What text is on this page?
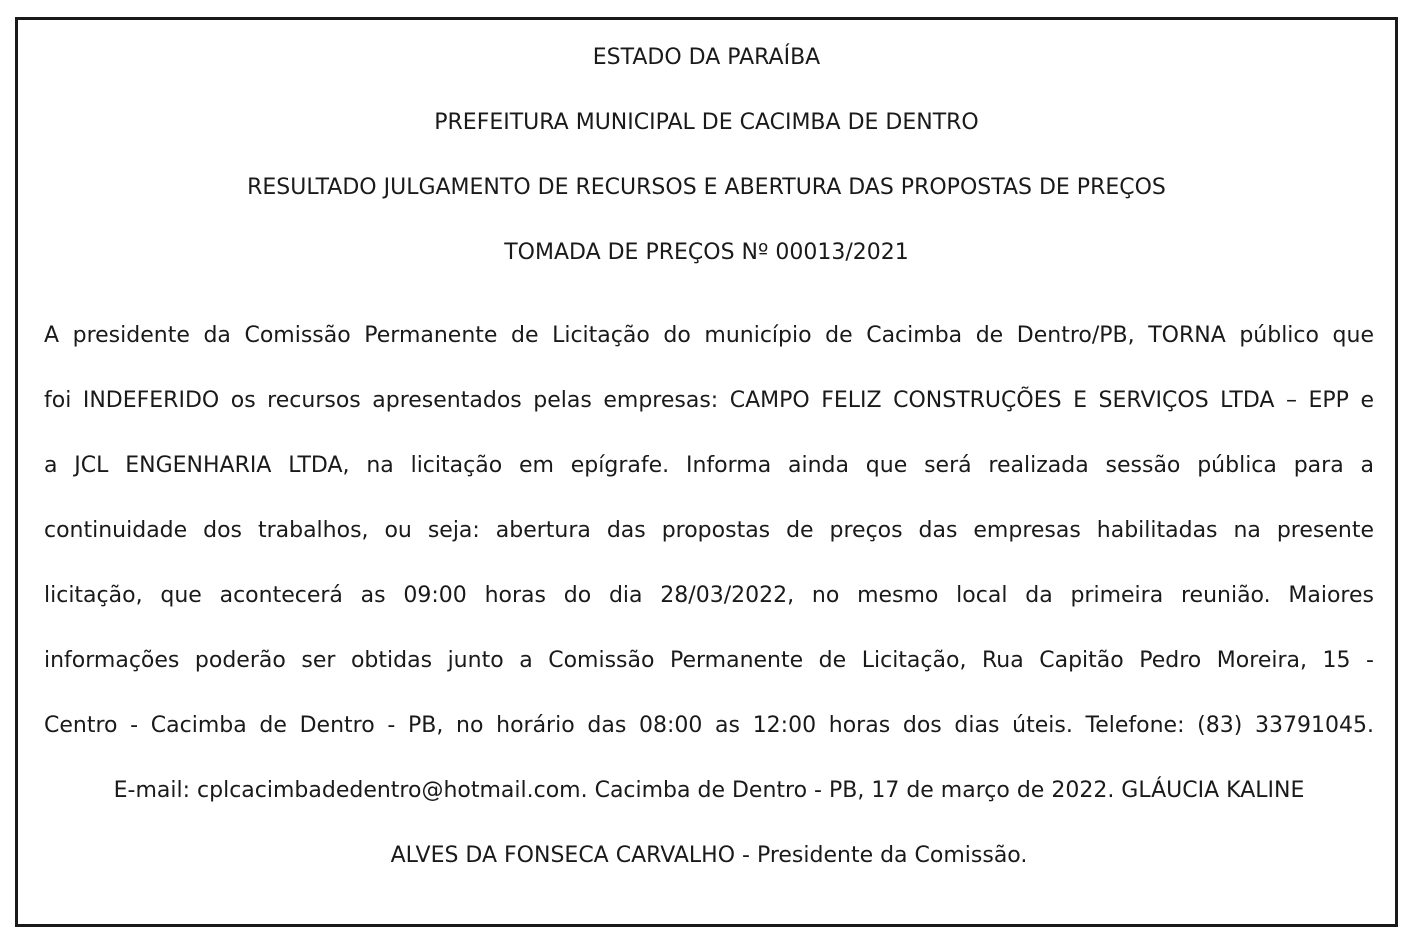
ESTADO DA PARAÍBA
PREFEITURA MUNICIPAL DE CACIMBA DE DENTRO
RESULTADO JULGAMENTO DE RECURSOS E ABERTURA DAS PROPOSTAS DE PREÇOS
TOMADA DE PREÇOS Nº 00013/2021
A presidente da Comissão Permanente de Licitação do município de Cacimba de Dentro/PB, TORNA público que
foi INDEFERIDO os recursos apresentados pelas empresas: CAMPO FELIZ CONSTRUÇÕES E SERVIÇOS LTDA – EPP e
a JCL ENGENHARIA LTDA, na licitação em epígrafe. Informa ainda que será realizada sessão pública para a
continuidade dos trabalhos, ou seja: abertura das propostas de preços das empresas habilitadas na presente
licitação, que acontecerá as 09:00 horas do dia 28/03/2022, no mesmo local da primeira reunião. Maiores
informações poderão ser obtidas junto a Comissão Permanente de Licitação, Rua Capitão Pedro Moreira, 15 -
Centro - Cacimba de Dentro - PB, no horário das 08:00 as 12:00 horas dos dias úteis. Telefone: (83) 33791045.
E-mail: cplcacimbadedentro@hotmail.com. Cacimba de Dentro - PB, 17 de março de 2022. GLÁUCIA KALINE
ALVES DA FONSECA CARVALHO - Presidente da Comissão.
